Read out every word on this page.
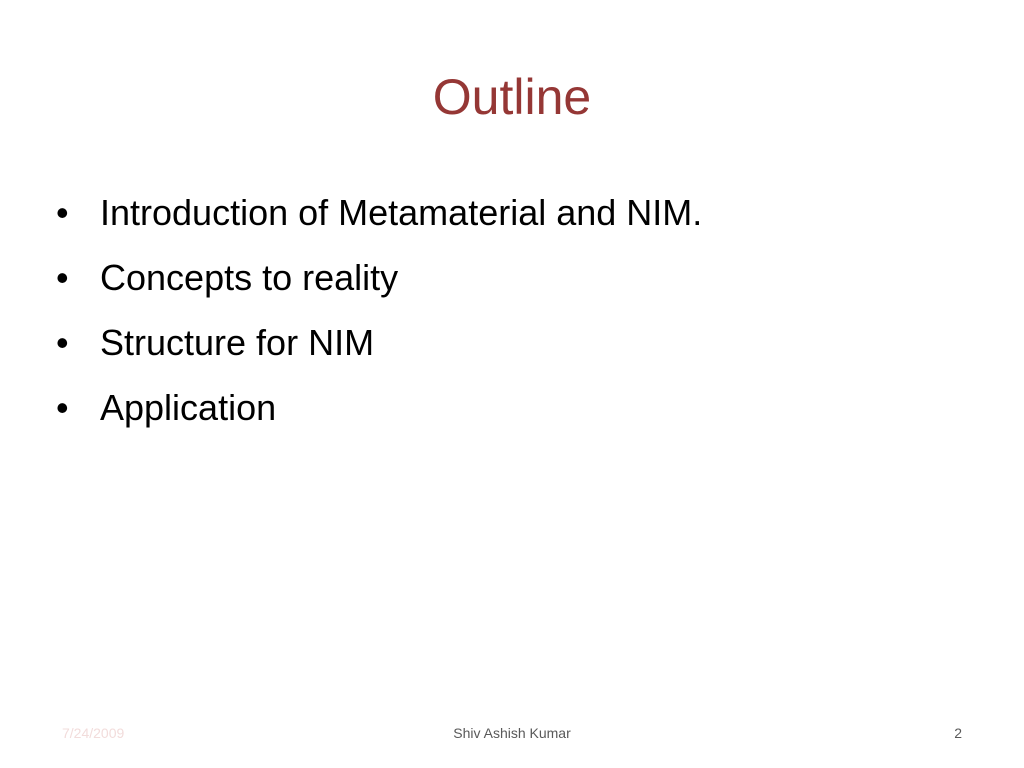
Outline
• Introduction of Metamaterial and NIM.
• Concepts to reality
• Structure for NIM
• Application
7/24/2009	Shiv Ashish Kumar	2
